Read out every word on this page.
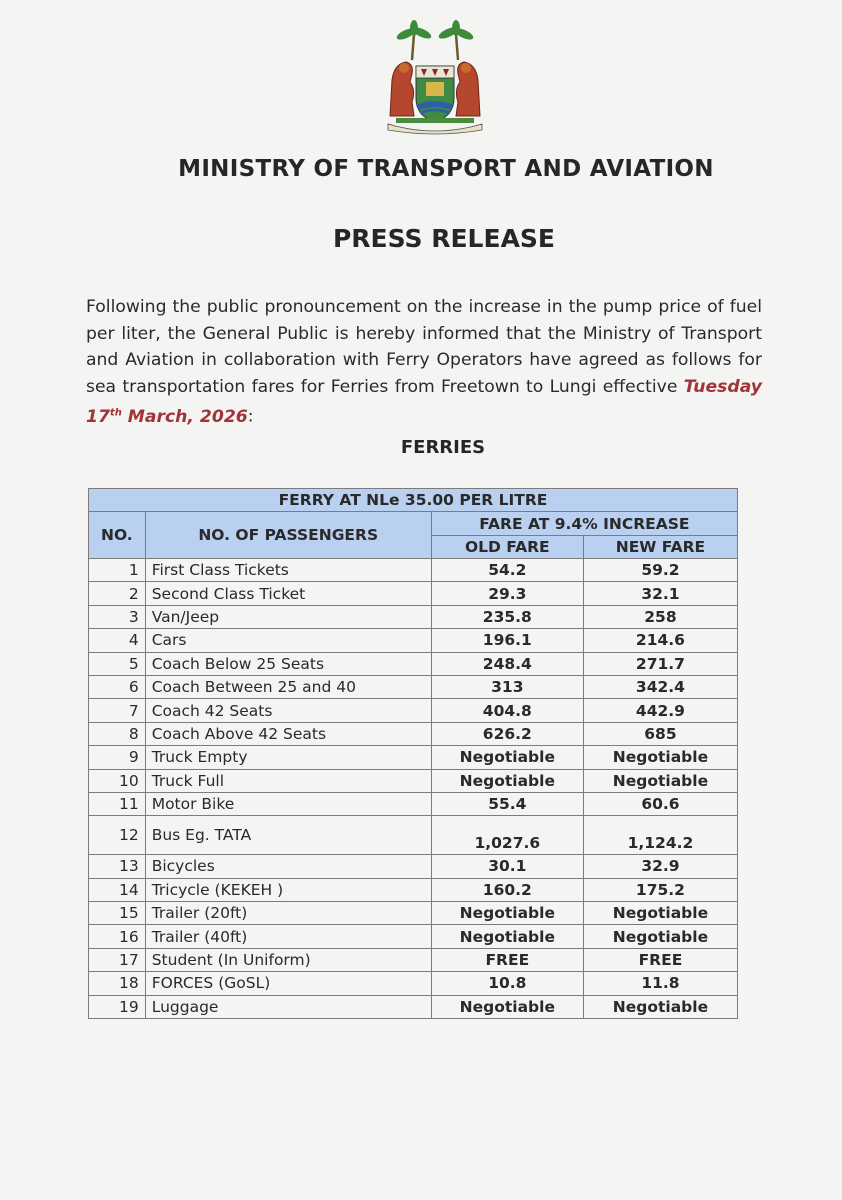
MINISTRY OF TRANSPORT AND AVIATION
PRESS RELEASE
Following the public pronouncement on the increase in the pump price of fuel per liter, the General Public is hereby informed that the Ministry of Transport and Aviation in collaboration with Ferry Operators have agreed as follows for sea transportation fares for Ferries from Freetown to Lungi effective Tuesday 17th March, 2026:
FERRIES
FERRY AT NLe 35.00 PER LITRE			
NO.	NO. OF PASSENGERS	FARE AT 9.4% INCREASE	
		OLD FARE	NEW FARE
1	First Class Tickets	54.2	59.2
2	Second Class Ticket	29.3	32.1
3	Van/Jeep	235.8	258
4	Cars	196.1	214.6
5	Coach Below 25 Seats	248.4	271.7
6	Coach Between 25 and 40	313	342.4
7	Coach 42 Seats	404.8	442.9
8	Coach Above 42 Seats	626.2	685
9	Truck Empty	Negotiable	Negotiable
10	Truck Full	Negotiable	Negotiable
11	Motor Bike	55.4	60.6
12	Bus Eg. TATA	1,027.6	1,124.2
13	Bicycles	30.1	32.9
14	Tricycle (KEKEH )	160.2	175.2
15	Trailer (20ft)	Negotiable	Negotiable
16	Trailer (40ft)	Negotiable	Negotiable
17	Student (In Uniform)	FREE	FREE
18	FORCES (GoSL)	10.8	11.8
19	Luggage	Negotiable	Negotiable
